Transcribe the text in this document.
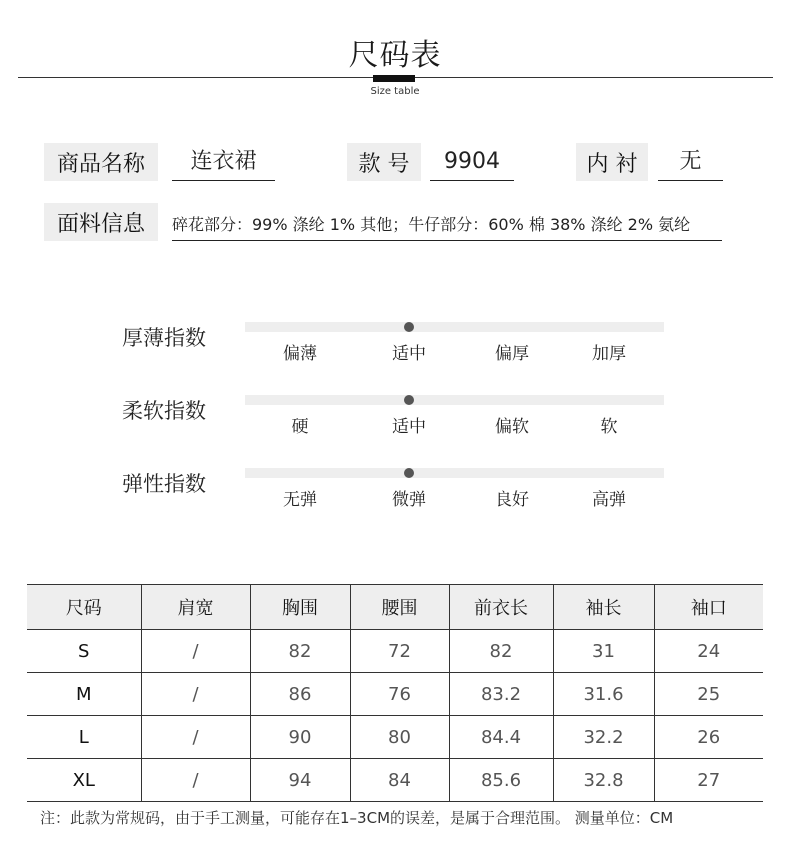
尺码表
Size table
商品名称	连衣裙	款 号	9904	内 衬	无
面料信息	碎花部分：99% 涤纶 1% 其他；牛仔部分：60% 棉 38% 涤纶 2% 氨纶
厚薄指数
偏薄	适中	偏厚	加厚
柔软指数
硬	适中	偏软	软
弹性指数
无弹	微弹	良好	高弹
尺码	肩宽	胸围	腰围	前衣长	袖长	袖口
S	/	82	72	82	31	24
M	/	86	76	83.2	31.6	25
L	/	90	80	84.4	32.2	26
XL	/	94	84	85.6	32.8	27
注：此款为常规码，由于手工测量，可能存在1–3CM的误差，是属于合理范围。 测量单位：CM
